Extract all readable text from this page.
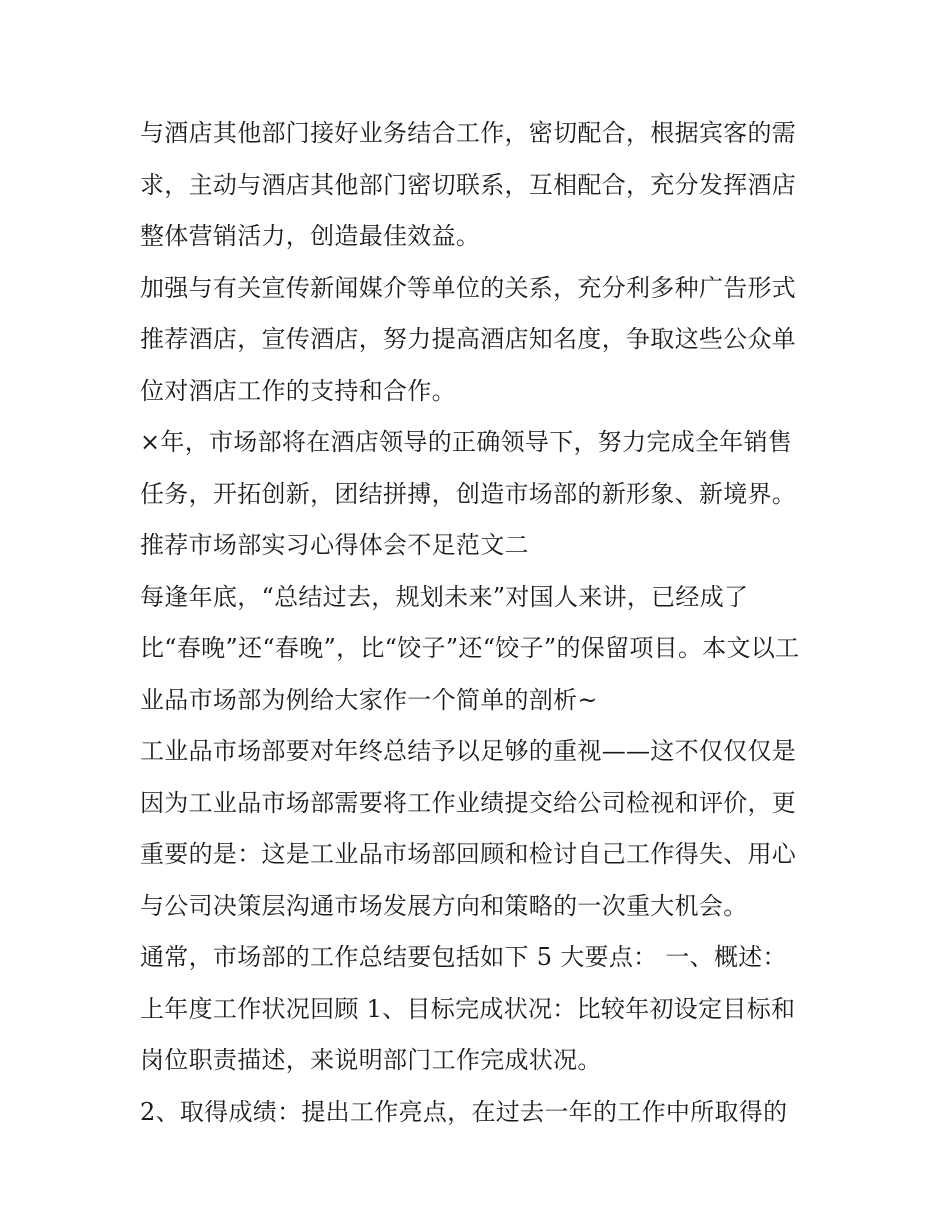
与酒店其他部门接好业务结合工作，密切配合，根据宾客的需
求，主动与酒店其他部门密切联系，互相配合，充分发挥酒店
整体营销活力，创造最佳效益。
加强与有关宣传新闻媒介等单位的关系，充分利多种广告形式
推荐酒店，宣传酒店，努力提高酒店知名度，争取这些公众单
位对酒店工作的支持和合作。
×年，市场部将在酒店领导的正确领导下，努力完成全年销售
任务，开拓创新，团结拼搏，创造市场部的新形象、新境界。
推荐市场部实习心得体会不足范文二
每逢年底，“总结过去，规划未来”对国人来讲，已经成了
比“春晚”还“春晚”，比“饺子”还“饺子”的保留项目。本文以工
业品市场部为例给大家作一个简单的剖析~
工业品市场部要对年终总结予以足够的重视——这不仅仅仅是
因为工业品市场部需要将工作业绩提交给公司检视和评价，更
重要的是：这是工业品市场部回顾和检讨自己工作得失、用心
与公司决策层沟通市场发展方向和策略的一次重大机会。
通常，市场部的工作总结要包括如下 5 大要点： 一、概述：
上年度工作状况回顾 1、目标完成状况：比较年初设定目标和
岗位职责描述，来说明部门工作完成状况。
2、取得成绩：提出工作亮点，在过去一年的工作中所取得的
